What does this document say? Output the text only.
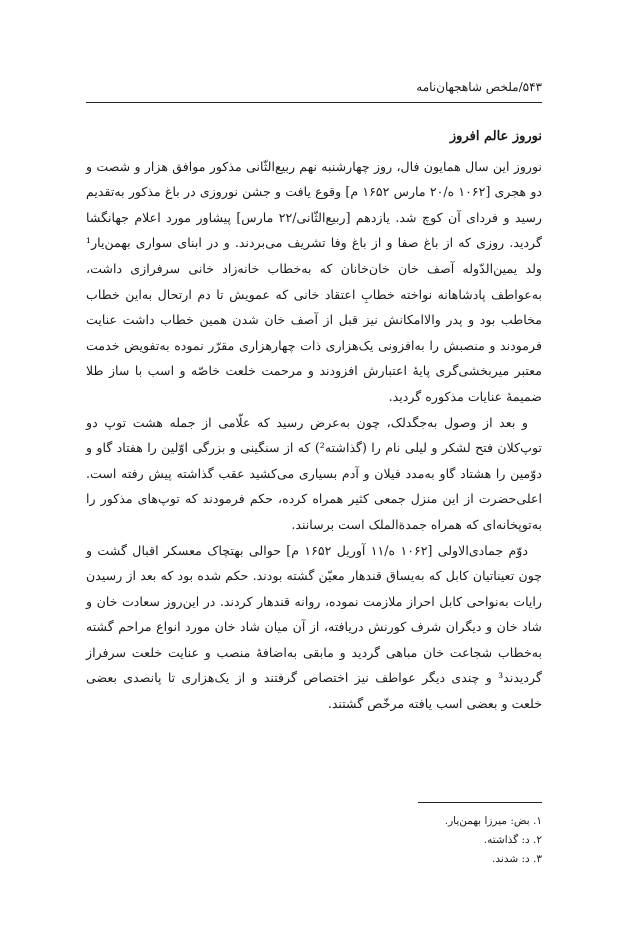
۵۴۳/ملخص شاهجهان‌نامه
نوروز عالم افروز

نوروز این سال همایون فال، روز چهارشنبه نهم ربیع‌الثّانی مذکور موافق هزار و شصت و دو هجری [۱۰۶۲ ه/۲۰ مارس ۱۶۵۲ م] وقوع یافت و جشن نوروزی در باغ مذکور به‌تقدیم رسید و فردای آن کوچ شد. یازدهم [ربیع‌الثّانی/۲۲ مارس] پیشاور مورد اعلام جهانگشا گردید. روزی که از باغ صفا و از باغ وفا تشریف می‌بردند. و در ابنای سواری بهمن‌یار¹ ولد یمین‌الدّوله آصف خان خان‌خانان که به‌خطاب خانه‌زاد خانی سرفرازی داشت، به‌عواطف پادشاهانه نواخته خطابِ اعتقاد خانی که عمویش تا دم ارتحال به‌این خطاب مخاطب بود و پدر والاامکانش نیز قبل از آصف خان شدن همین خطاب داشت عنایت فرمودند و منصبش را به‌افزونی یک‌هزاری ذات چهارهزاری مقرّر نموده به‌تفویض خدمت معتبر میربخشی‌گری پایهٔ اعتبارش افزودند و مرحمت خلعت خاصّه و اسب با ساز طلا ضمیمهٔ عنایات مذکوره گردید.

و بعد از وصول به‌جگدلک، چون به‌عرض رسید که علّامی از جمله هشت توپ دو توپ‌کلان فتح لشکر و لیلی نام را (گذاشته²) که از سنگینی و بزرگی اوّلین را هفتاد گاو و دوّمین را هشتاد گاو به‌مدد فیلان و آدم بسیاری می‌کشید عقب گذاشته پیش رفته است. اعلی‌حضرت از این منزل جمعی کثیر همراه کرده، حکم فرمودند که توپ‌های مذکور را به‌توپخانه‌ای که همراه جمدةالملک است برسانند.

دوّم جمادی‌الاولی [۱۰۶۲ ه/۱۱ آوریل ۱۶۵۲ م] حوالی بهتچاک معسکر اقبال گشت و چون تعیناتیان کابل که به‌یساق قندهار معیّن گشته بودند. حکم شده بود که بعد از رسیدن رایات به‌نواحی کابل احراز ملازمت نموده، روانه قندهار کردند. در این‌روز سعادت خان و شاد خان و دیگران شرف کورنش دریافته، از آن میان شاد خان مورد انواع مراحم گشته به‌خطاب شجاعت خان مباهی گردید و مابقی به‌اضافهٔ منصب و عنایت خلعت سرفراز گردیدند³ و چندی دیگر عواطف نیز اختصاص گرفتند و از یک‌هزاری تا پانصدی بعضی خلعت و بعضی اسب یافته مرخّص گشتند.

۱. بض: میرزا بهمن‌یار.

۲. د: گذاشته.

۳. د: شدند.
